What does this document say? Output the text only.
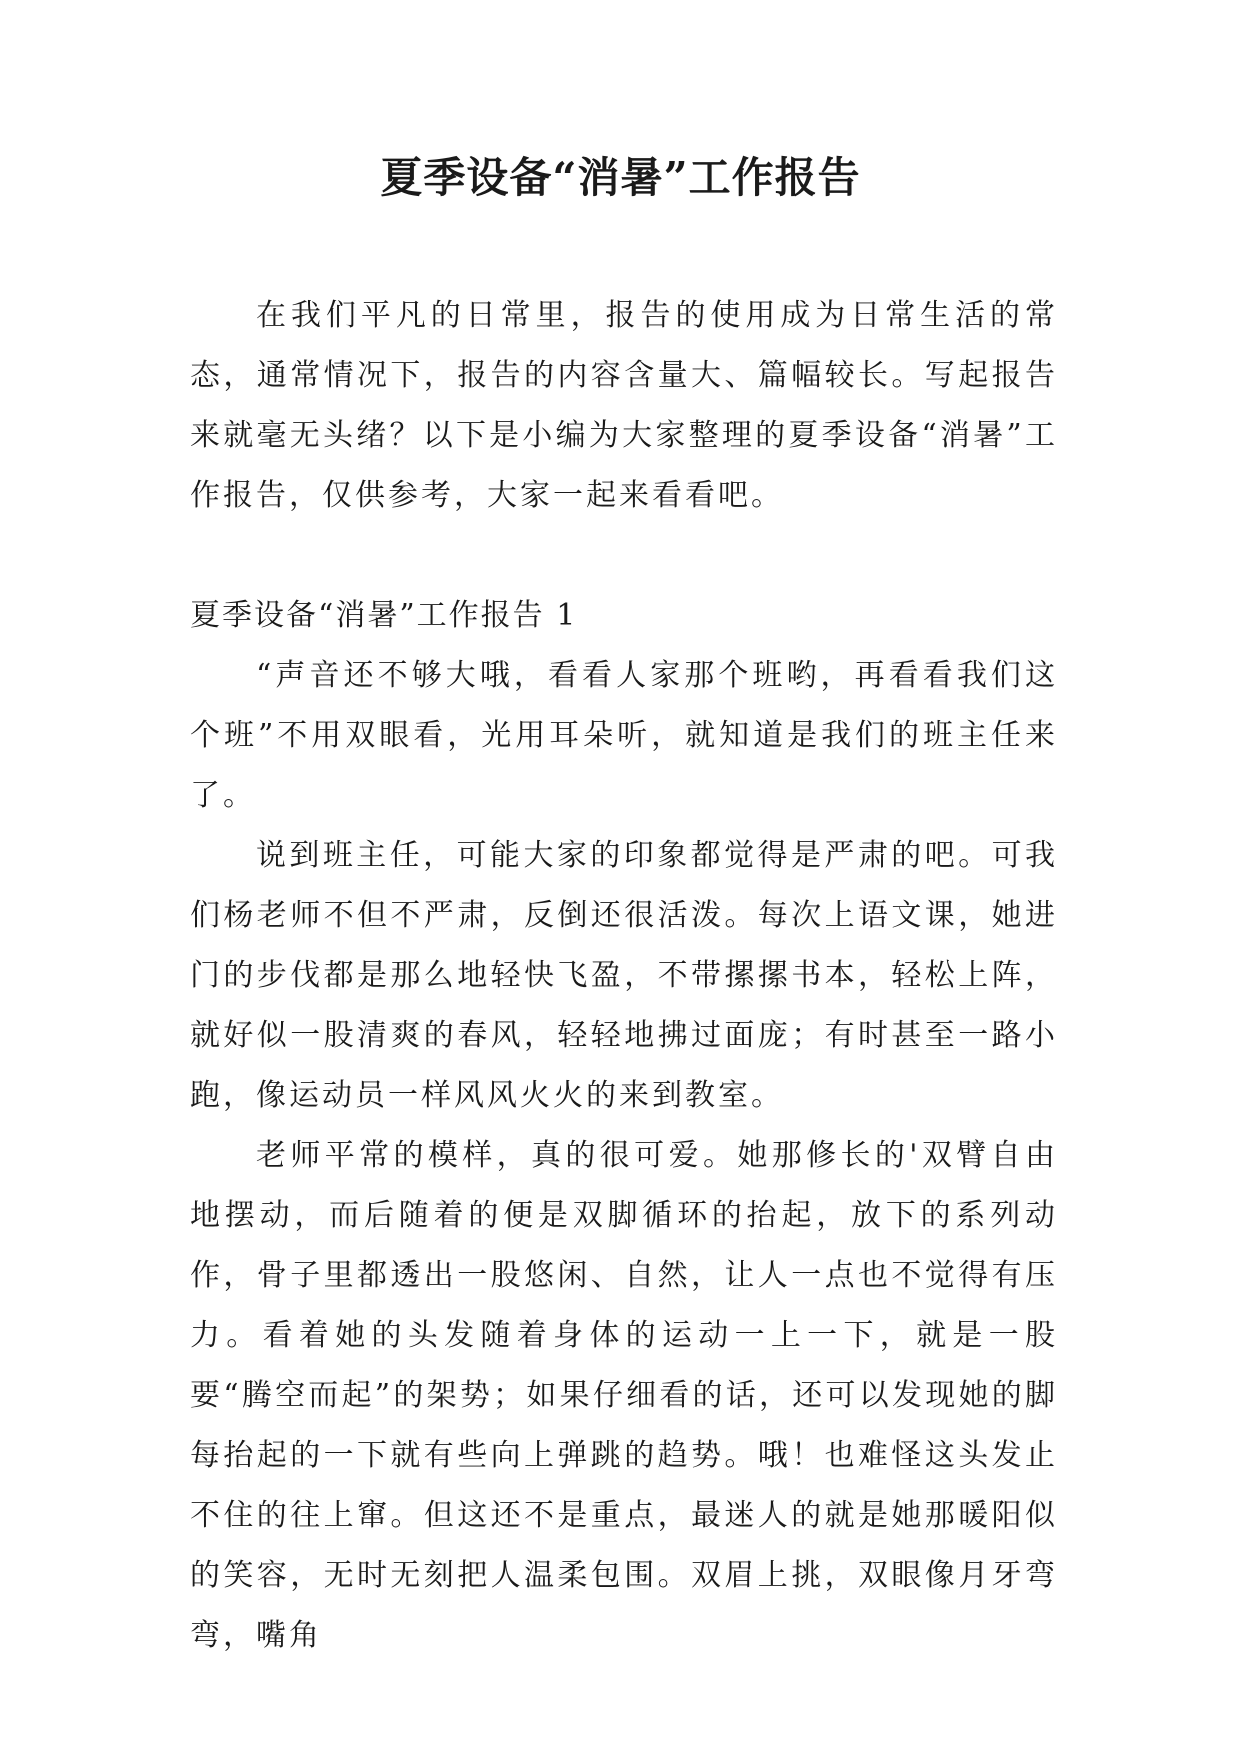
夏季设备“消暑”工作报告

在我们平凡的日常里，报告的使用成为日常生活的常态，通常情况下，报告的内容含量大、篇幅较长。写起报告来就毫无头绪？以下是小编为大家整理的夏季设备“消暑”工作报告，仅供参考，大家一起来看看吧。

夏季设备“消暑”工作报告 1

“声音还不够大哦，看看人家那个班哟，再看看我们这个班”不用双眼看，光用耳朵听，就知道是我们的班主任来了。

说到班主任，可能大家的印象都觉得是严肃的吧。可我们杨老师不但不严肃，反倒还很活泼。每次上语文课，她进门的步伐都是那么地轻快飞盈，不带摞摞书本，轻松上阵，就好似一股清爽的春风，轻轻地拂过面庞；有时甚至一路小跑，像运动员一样风风火火的来到教室。

老师平常的模样，真的很可爱。她那修长的'双臂自由地摆动，而后随着的便是双脚循环的抬起，放下的系列动作，骨子里都透出一股悠闲、自然，让人一点也不觉得有压力。看着她的头发随着身体的运动一上一下，就是一股要“腾空而起”的架势；如果仔细看的话，还可以发现她的脚每抬起的一下就有些向上弹跳的趋势。哦！也难怪这头发止不住的往上窜。但这还不是重点，最迷人的就是她那暖阳似的笑容，无时无刻把人温柔包围。双眉上挑，双眼像月牙弯弯，嘴角
